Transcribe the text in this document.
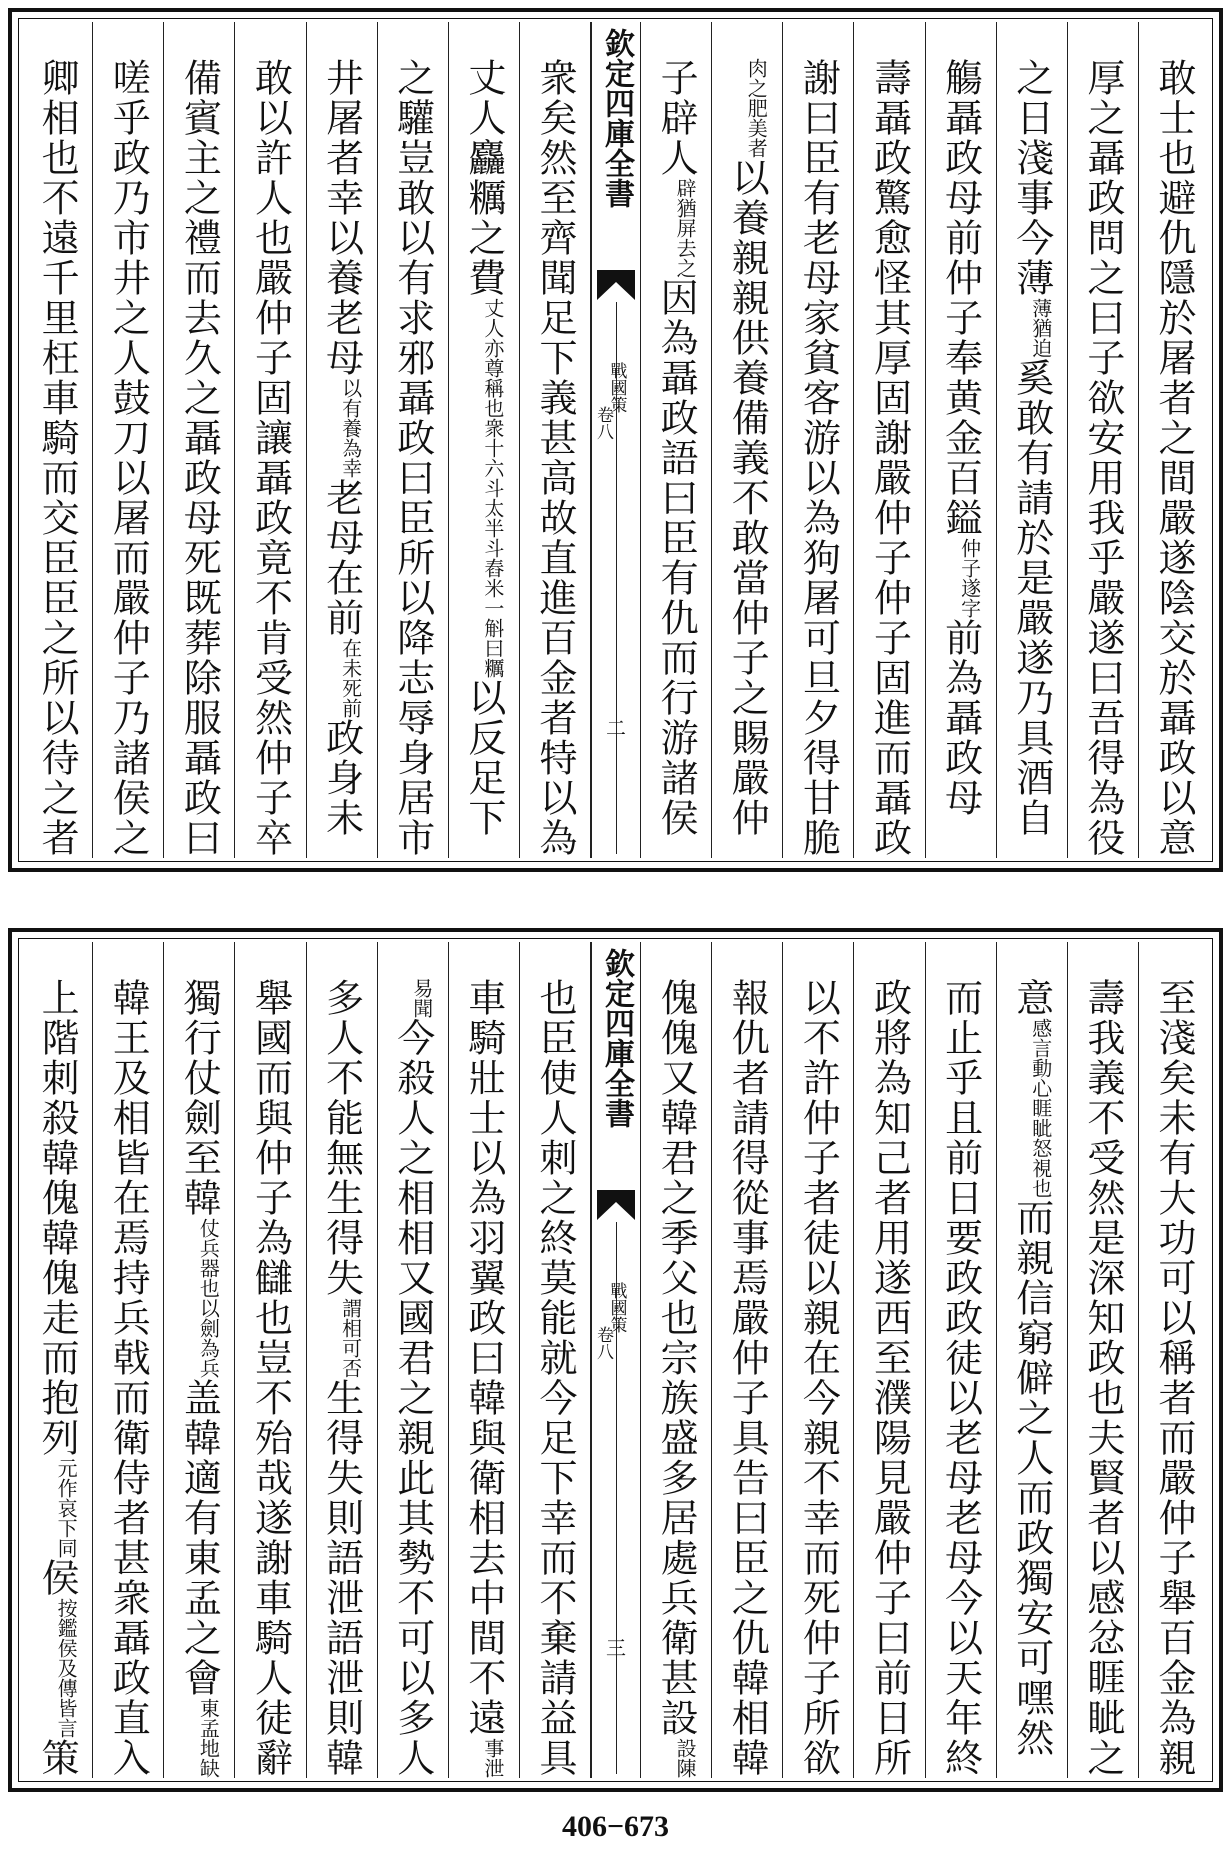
敢士也避仇隱於屠者之間嚴遂陰交於聶政以意
厚之聶政問之曰子欲安用我乎嚴遂曰吾得為役
之日淺事今薄$^{薄猶迫}$奚敢有請於是嚴遂乃具酒自
觴聶政母前仲子奉黄金百鎰$^{仲子遂字}$前為聶政母
壽聶政驚愈怪其厚固謝嚴仲子仲子固進而聶政
謝曰臣有老母家貧客游以為狗屠可旦夕得甘脆
$^{肉之肥美者}$以養親親供養備義不敢當仲子之賜嚴仲
子辟人$^{辟猶屏去之}$因為聶政語曰臣有仇而行游諸侯
欽定四庫全書
戰國策
卷八
二
衆矣然至齊聞足下義甚高故直進百金者特以為
丈人麤糲之費$^{丈人亦尊稱也衆十六斗太半斗舂米一斛曰糲}$以反足下
之驩豈敢以有求邪聶政曰臣所以降志辱身居市
井屠者幸以養老母$^{以有養為幸}$老母在前$^{在未死前}$政身未
敢以許人也嚴仲子固讓聶政竟不肯受然仲子卒
備賓主之禮而去久之聶政母死既葬除服聶政曰
嗟乎政乃市井之人鼓刀以屠而嚴仲子乃諸侯之
卿相也不遠千里枉車騎而交臣臣之所以待之者
至淺矣未有大功可以稱者而嚴仲子舉百金為親
壽我義不受然是深知政也夫賢者以感忿睚眦之
意$^{感言動心睚眦怒視也}$而親信窮僻之人而政獨安可嘿然
而止乎且前日要政政徒以老母老母今以天年終
政將為知己者用遂西至濮陽見嚴仲子曰前日所
以不許仲子者徒以親在今親不幸而死仲子所欲
報仇者請得從事焉嚴仲子具告曰臣之仇韓相韓
傀傀又韓君之季父也宗族盛多居處兵衛甚設$^{設陳}$
欽定四庫全書
戰國策
卷八
三
也臣使人刺之終莫能就今足下幸而不棄請益具
車騎壯士以為羽翼政曰韓與衛相去中間不遠$^{事泄}$
$^{易聞}$今殺人之相相又國君之親此其勢不可以多人
多人不能無生得失$^{謂相可否}$生得失則語泄語泄則韓
舉國而與仲子為讎也豈不殆哉遂謝車騎人徒辭
獨行仗劍至韓$^{仗兵器也以劍為兵}$盖韓適有東孟之會$^{東孟地缺}$
韓王及相皆在焉持兵戟而衛侍者甚衆聶政直入
上階刺殺韓傀韓傀走而抱列$^{元作哀下同}$侯$^{按鑑侯及傳皆言}$策
406−673
